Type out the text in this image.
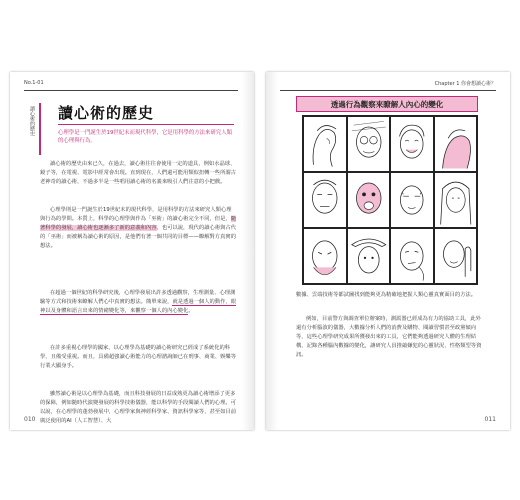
No.1-01
讀心術的歷史 讀心術的歷史
心理學是一門誕生於19世紀末而現代科學，它是用科學的方法來研究人類的心理與行為。
讀心術的歷史由來已久，在過去，讀心術往往會使用一定的道具，例如水晶球、鏡子等，在電視、電影中經常會出現。直到現在，人們還可能用類似扭轉一些所謂古老神奇的讀心術，不過多半是一些唱用讀心術的名義來吸引人們注意的小把戲。
心理學則是一門誕生於19世紀末的現代科學，是用科學的方法來研究人類心理與行為的學問。本質上，科學的心理學與作為「巫術」的讀心術完全不同，但是，隨著科學的發展，讀心術也逐漸多了新的意義和內容，也可以說，現代的讀心術與古代的「巫術」而被稱為讀心術的原因，是他們有著一個共同的目標——瞭解對方真實的想法。
在超過一個世紀的科學研究後，心理學發展出許多透過觀察，生理測量、心理測驗等方式和技術來瞭解人們心中真實的想法。簡單來說，就是透過一個人的動作、眼神以及身體和語言出來的情緒變化等，來觀察一個人的內心變化。
在許多重視心理學的國家，以心理學為基礎的讀心術研究已經成了系統化的科學，且備受重視。而且，具備超強讀心術能力的心理諮詢師已在刑事、商業、娛樂等行業大顯身手。
雖然讀心術是以心理學為基礎，而且科技發展的日益成熟更為讀心術增添了更多的保障，例如隨時代演變發展的科學技術儀器，能以科學的手段閱讀人們的心理。可以說，在心理學的蓬勃發展中，心理學家與神經科學家、資訊科學家等，甚至如目前廣泛使用的AI（人工智慧）、大
010
Chapter 1 你會想讀心術？
透過行為觀察來瞭解人內心的變化
數據、雲端技術等都試圖找到能夠更為精確地把握人類心靈真實面目的方法。
例如，目前警方與調查單位辦案時，測謊器已經成為有力的協助工具，此外還有分析腦波的儀器，大數據分析人們的消費及購物、閱讀習慣甚至政黨傾向等，這些心理學研究成果所獲發出來的工具，它們能夠透過研究人體的生理結構，記錄各種腦內數據的變化，讓研究人員推敲嫌犯的心靈狀況、性格類型等資訊。
011
